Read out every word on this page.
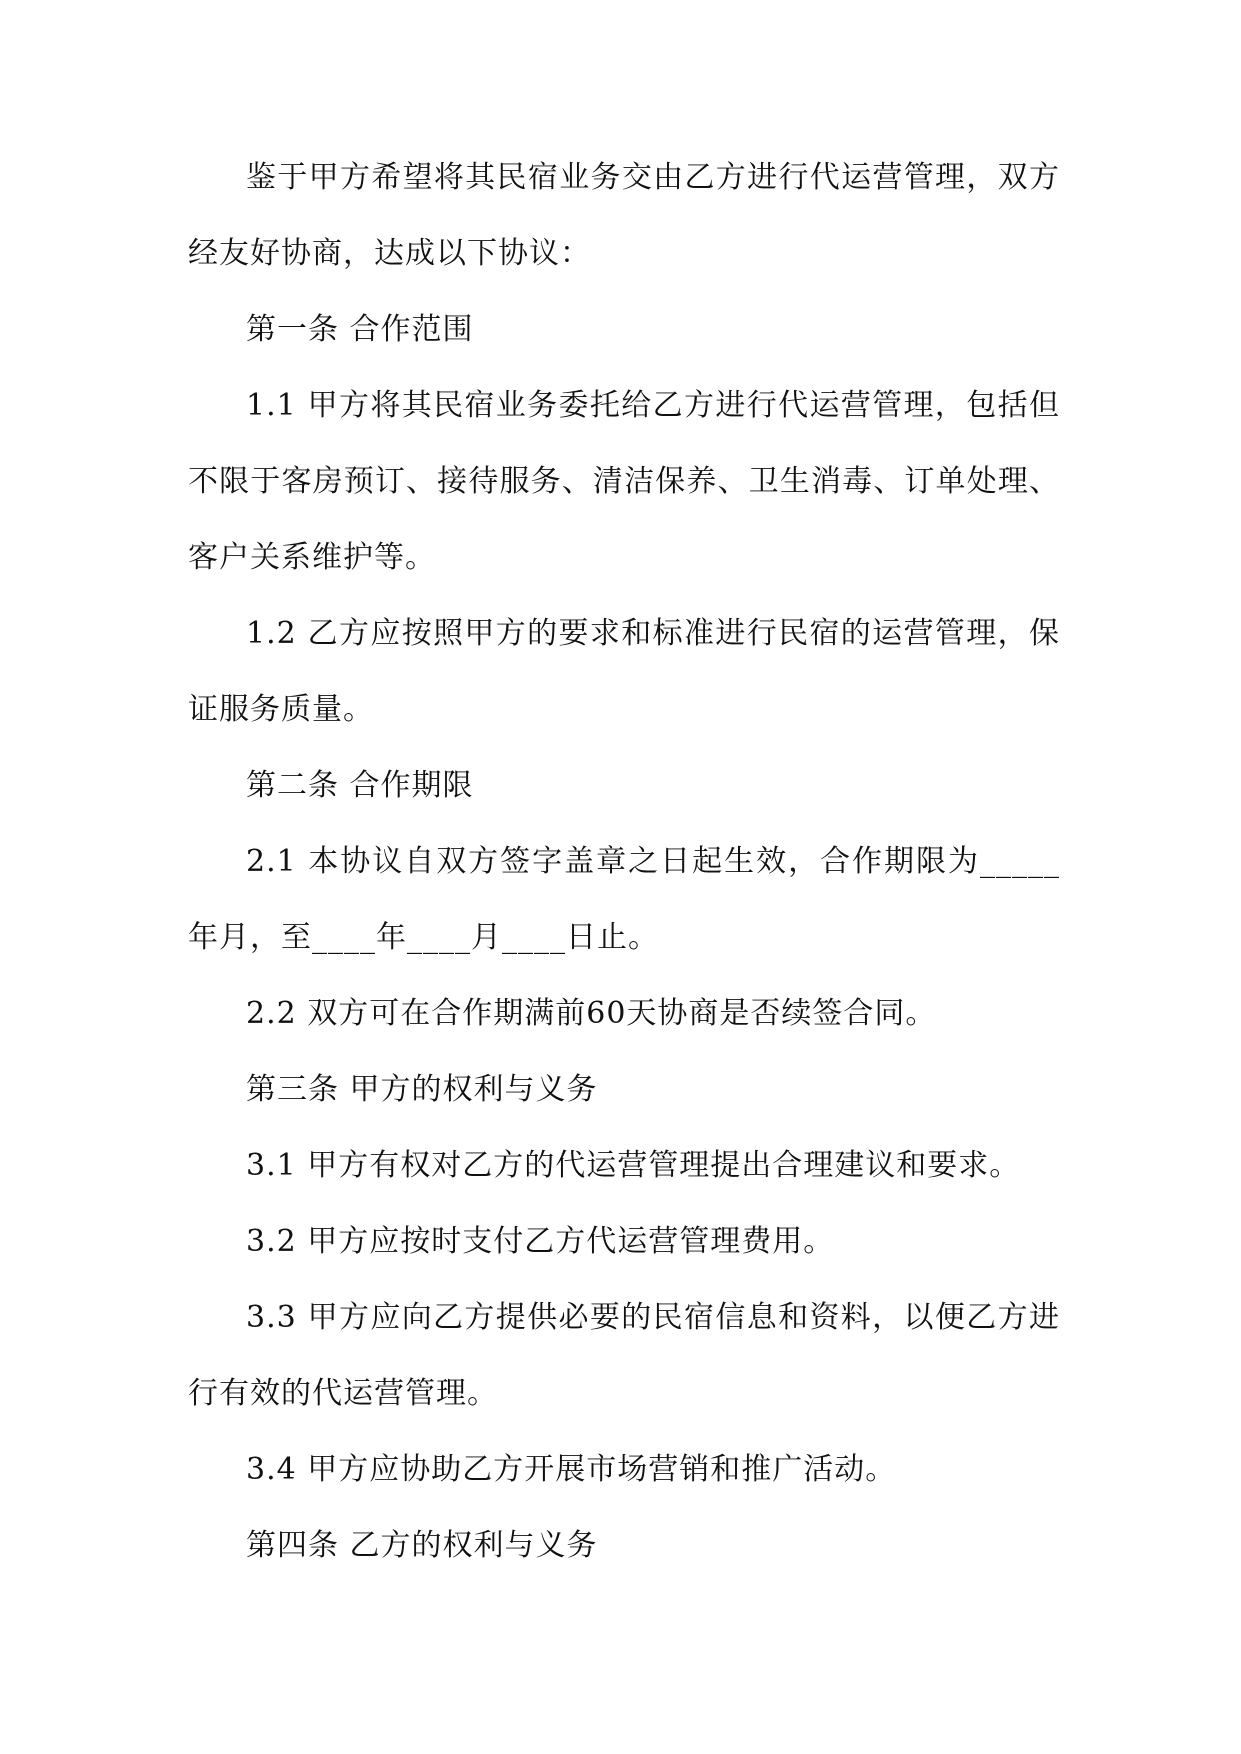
鉴于甲方希望将其民宿业务交由乙方进行代运营管理，双方经友好协商，达成以下协议：

第一条 合作范围

1.1 甲方将其民宿业务委托给乙方进行代运营管理，包括但不限于客房预订、接待服务、清洁保养、卫生消毒、订单处理、客户关系维护等。

1.2 乙方应按照甲方的要求和标准进行民宿的运营管理，保证服务质量。

第二条 合作期限

2.1 本协议自双方签字盖章之日起生效，合作期限为_____年月，至____年____月____日止。

2.2 双方可在合作期满前60天协商是否续签合同。

第三条 甲方的权利与义务

3.1 甲方有权对乙方的代运营管理提出合理建议和要求。

3.2 甲方应按时支付乙方代运营管理费用。

3.3 甲方应向乙方提供必要的民宿信息和资料，以便乙方进行有效的代运营管理。

3.4 甲方应协助乙方开展市场营销和推广活动。

第四条 乙方的权利与义务
